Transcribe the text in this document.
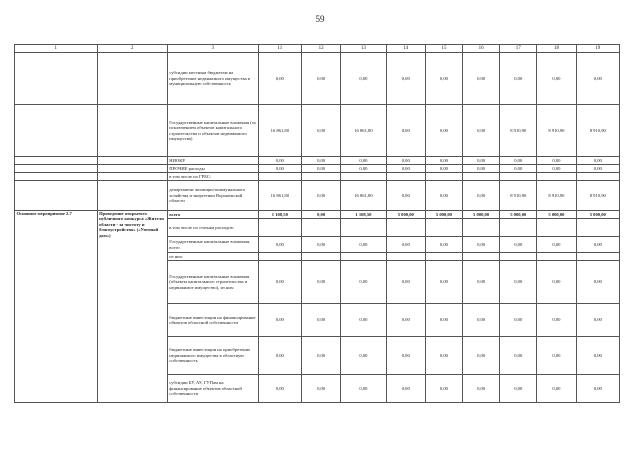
59
1	2	3	11	12	13	14	15	16	17	18	19
		субсидии местным бюджетам на приобретение недвижимого имущества в муниципальную собственность	0,00	0,00	0,00	0,00	0,00	0,00	0,00	0,00	0,00
		Государственные капитальные вложения (за исключением объектов капитального строительства и объектов недвижимого имущества)	16 861,80	0,00	16 861,80	0,00	0,00	0,00	8 910,90	8 910,90	8 910,90
		НИОКР	0,00	0,00	0,00	0,00	0,00	0,00	0,00	0,00	0,00
		ПРОЧИЕ расходы	0,00	0,00	0,00	0,00	0,00	0,00	0,00	0,00	0,00
		в том числе по ГРБС:									
		департамент жилищно-коммунального хозяйства и энергетики Воронежской области	16 861,80	0,00	16 861,80	0,00	0,00	0,00	8 910,90	8 910,90	8 910,90
Основное мероприятие 2.7	Проведение открытого публичного конкурса «Жители области - за чистоту и благоустройство» («Уютный дом»)	всего	1 108,50	0,00	1 108,50	5 000,00	5 000,00	5 000,00	5 000,00	5 000,00	5 000,00
		в том числе по статьям расходов:									
		Государственные капитальные вложения, всего	0,00	0,00	0,00	0,00	0,00	0,00	0,00	0,00	0,00
		из них:									
		Государственные капитальные вложения (объекты капитального строительства и недвижимое имущество), из них:	0,00	0,00	0,00	0,00	0,00	0,00	0,00	0,00	0,00
		бюджетные инвестиции на финансирование объектов областной собственности	0,00	0,00	0,00	0,00	0,00	0,00	0,00	0,00	0,00
		бюджетные инвестиции на приобретение недвижимого имущества в областную собственность	0,00	0,00	0,00	0,00	0,00	0,00	0,00	0,00	0,00
		субсидии БУ, АУ, ГУПам на финансирование объектов областной собственности	0,00	0,00	0,00	0,00	0,00	0,00	0,00	0,00	0,00
